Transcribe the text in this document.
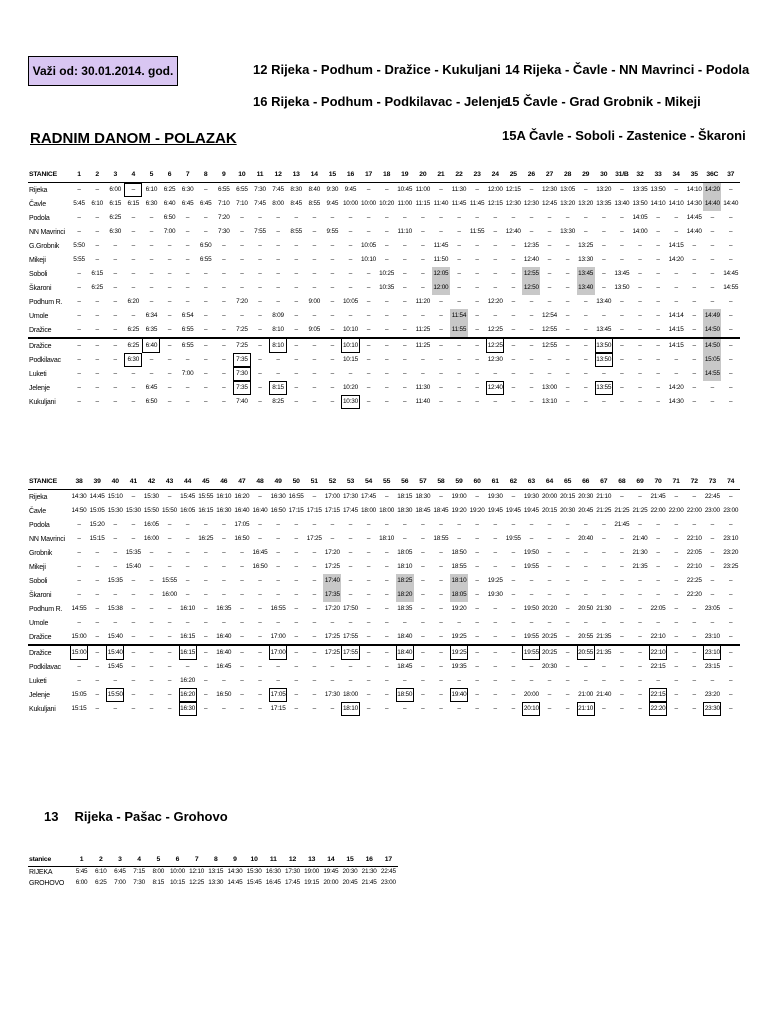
Važi od: 30.01.2014. god.	12 Rijeka - Podhum - Dražice - Kukuljani
16 Rijeka - Podhum - Podkilavac - Jelenje
14 Rijeka - Čavle - NN Mavrinci - Podola
15 Čavle - Grad Grobnik - Mikeji
15A Čavle - Soboli - Zastenice - Škaroni
RADNIM DANOM - POLAZAK
STANICE	1	2	3	4	5	6	7	8	9	10	11	12	13	14	15	16	17	18	19	20	21	22	23	24	25	26	27	28	29	30	31/B	32	33	34	35	36C	37
Rijeka	–	–	6:00	–	6:10	6:25	6:30	–	6:55	6:55	7:30	7:45	8:30	8:40	9:30	9:45	–	–	10:45	11:00	–	11:30	–	12:00	12:15	–	12:30	13:05	–	13:20	–	13:35	13:50	–	14:10	14:20	–
Čavle	5:45	6:10	6:15	6:15	6:30	6:40	6:45	6:45	7:10	7:10	7:45	8:00	8:45	8:55	9:45	10:00	10:00	10:20	11:00	11:15	11:40	11:45	11:45	12:15	12:30	12:30	12:45	13:20	13:20	13:35	13:40	13:50	14:10	14:10	14:30	14:40	14:40
Podola	–	–	6:25	–	–	6:50	–	–	7:20	–	–	–	–	–	–	–	–	–	–	–	–	–	–	–	–	–	–	–	–	–	–	14:05	–	–	14:45	–	–
NN Mavrinci	–	–	6:30	–	–	7:00	–	–	7:30	–	7:55	–	8:55	–	9:55	–	–	–	11:10	–	–	–	11:55	–	12:40	–	–	13:30	–	–	–	14:00	–	–	14:40	–	–
G.Grobnik	5:50	–	–	–	–	–	–	6:50	–	–	–	–	–	–	–	–	10:05	–	–	–	11:45	–	–	–	–	12:35	–	–	13:25	–	–	–	–	14:15	–	–	–
Mikeji	5:55	–	–	–	–	–	–	6:55	–	–	–	–	–	–	–	–	10:10	–	–	–	11:50	–	–	–	–	12:40	–	–	13:30	–	–	–	–	14:20	–	–	–
Soboli	–	6:15	–	–	–	–	–	–	–	–	–	–	–	–	–	–	–	10:25	–	–	12:05	–	–	–	–	12:55	–	–	13:45	–	13:45	–	–	–	–	–	14:45
Škaroni	–	6:25	–	–	–	–	–	–	–	–	–	–	–	–	–	–	–	10:35	–	–	12:00	–	–	–	–	12:50	–	–	13:40	–	13:50	–	–	–	–	–	14:55
Podhum R.	–	–	–	6:20	–	–	–	–	–	7:20	–	–	–	9:00	–	10:05	–	–	–	11:20	–	–	–	12:20	–	–	–	–	–	13:40	–	–	–	–	–	–	–
Umole	–	–	–	–	6:34	–	6:54	–	–	–	–	8:09	–	–	–	–	–	–	–	–	–	11:54	–	–	–	–	12:54	–	–	–	–	–	–	14:14	–	14:49	–
Dražice	–	–	–	6:25	6:35	–	6:55	–	–	7:25	–	8:10	–	9:05	–	10:10	–	–	–	11:25	–	11:55	–	12:25	–	–	12:55	–	–	13:45	–	–	–	14:15	–	14:50	–
Dražice	–	–	–	6:25	6:40	–	6:55	–	–	7:25	–	8:10	–	–	–	10:10	–	–	–	11:25	–	–	–	12:25	–	–	12:55	–	–	13:50	–	–	–	14:15	–	14:50	–
Podkilavac	–	–	–	6:30	–	–	–	–	–	7:35	–	–	–	–	–	10:15	–	–	–	–	–	–	–	12:30	–	–	–	–	–	13:50	–	–	–	–	–	15:05	–
Luketi	–	–	–	–	–	–	7:00	–	–	7:30	–	–	–	–	–	–	–	–	–	–	–	–	–	–	–	–	–	–	–	–	–	–	–	–	–	14:55	–
Jelenje	–	–	–	–	6:45	–	–	–	–	7:35	–	8:15	–	–	–	10:20	–	–	–	11:30	–	–	–	12:40	–	–	13:00	–	–	13:55	–	–	–	14:20	–	–	–
Kukuljani	–	–	–	–	6:50	–	–	–	–	7:40	–	8:25	–	–	–	10:30	–	–	–	11:40	–	–	–	–	–	–	13:10	–	–	–	–	–	–	14:30	–	–	–
STANICE	38	39	40	41	42	43	44	45	46	47	48	49	50	51	52	53	54	55	56	57	58	59	60	61	62	63	64	65	66	67	68	69	70	71	72	73	74
Rijeka	14:30	14:45	15:10	–	15:30	–	15:45	15:55	16:10	16:20	–	16:30	16:55	–	17:00	17:30	17:45	–	18:15	18:30	–	19:00	–	19:30	–	19:30	20:00	20:15	20:30	21:10	–	–	21:45	–	–	22:45	–
Čavle	14:50	15:05	15:30	15:30	15:50	15:50	16:05	16:15	16:30	16:40	16:40	16:50	17:15	17:15	17:15	17:45	18:00	18:00	18:30	18:45	18:45	19:20	19:20	19:45	19:45	19:45	20:15	20:30	20:45	21:25	21:25	21:25	22:00	22:00	22:00	23:00	23:00
Podola	–	15:20	–	–	16:05	–	–	–	–	17:05	–	–	–	–	–	–	–	–	–	–	–	–	–	–	–	–	–	–	–	–	21:45	–	–	–	–	–	–
NN Mavrinci	–	15:15	–	–	16:00	–	–	16:25	–	16:50	–	–	–	17:25	–	–	–	18:10	–	–	18:55	–	–	–	19:55	–	–	–	20:40	–	–	21:40	–	–	22:10	–	23:10
Grobnik	–	–	–	15:35	–	–	–	–	–	–	16:45	–	–	–	17:20	–	–	–	18:05	–	–	18:50	–	–	–	19:50	–	–	–	–	–	21:30	–	–	22:05	–	23:20
Mikeji	–	–	–	15:40	–	–	–	–	–	–	16:50	–	–	–	17:25	–	–	–	18:10	–	–	18:55	–	–	–	19:55	–	–	–	–	–	21:35	–	–	22:10	–	23:25
Soboli	–	–	15:35	–	–	15:55	–	–	–	–	–	–	–	–	17:40	–	–	–	18:25	–	–	18:10	–	19:25	–	–	–	–	–	–	–	–	–	–	22:25	–	–
Škaroni	–	–	–	–	–	16:00	–	–	–	–	–	–	–	–	17:35	–	–	–	18:20	–	–	18:05	–	19:30	–	–	–	–	–	–	–	–	–	–	22:20	–	–
Podhum R.	14:55	–	15:38	–	–	–	16:10	–	16:35	–	–	16:55	–	–	17:20	17:50	–	–	18:35	–	–	19:20	–	–	–	19:50	20:20	–	20:50	21:30	–	–	22:05	–	–	23:05	–
Umole	–	–	–	–	–	–	–	–	–	–	–	–	–	–	–	–	–	–	–	–	–	–	–	–	–	–	–	–	–	–	–	–	–	–	–	–	–
Dražice	15:00	–	15:40	–	–	–	16:15	–	16:40	–	–	17:00	–	–	17:25	17:55	–	–	18:40	–	–	19:25	–	–	–	19:55	20:25	–	20:55	21:35	–	–	22:10	–	–	23:10	–
Dražice	15:00	–	15:40	–	–	–	16:15	–	16:40	–	–	17:00	–	–	17:25	17:55	–	–	18:40	–	–	19:25	–	–	–	19:55	20:25	–	20:55	21:35	–	–	22:10	–	–	23:10	–
Podkilavac	–	–	15:45	–	–	–	–	–	16:45	–	–	–	–	–	–	–	–	–	18:45	–	–	19:35	–	–	–	–	20:30	–	–	–	–	–	22:15	–	–	23:15	–
Luketi	–	–	–	–	–	–	16:20	–	–	–	–	–	–	–	–	–	–	–	–	–	–	–	–	–	–	–	–	–	–	–	–	–	–	–	–	–	–
Jelenje	15:05	–	15:50	–	–	–	16:20	–	16:50	–	–	17:05	–	–	17:30	18:00	–	–	18:50	–	–	19:40	–	–	–	20:00	–	–	21:00	21:40	–	–	22:15	–	–	23:20	–
Kukuljani	15:15	–	–	–	–	–	16:30	–	–	–	–	17:15	–	–	–	18:10	–	–	–	–	–	–	–	–	–	20:10	–	–	21:10	–	–	–	22:20	–	–	23:30	–
13 Rijeka - Pašac - Grohovo
stanice	1	2	3	4	5	6	7	8	9	10	11	12	13	14	15	16	17
RIJEKA	5:45	6:10	6:45	7:15	8:00	10:00	12:10	13:15	14:30	15:30	16:30	17:30	19:00	19:45	20:30	21:30	22:45
GROHOVO	6:00	6:25	7:00	7:30	8:15	10:15	12:25	13:30	14:45	15:45	16:45	17:45	19:15	20:00	20:45	21:45	23:00
